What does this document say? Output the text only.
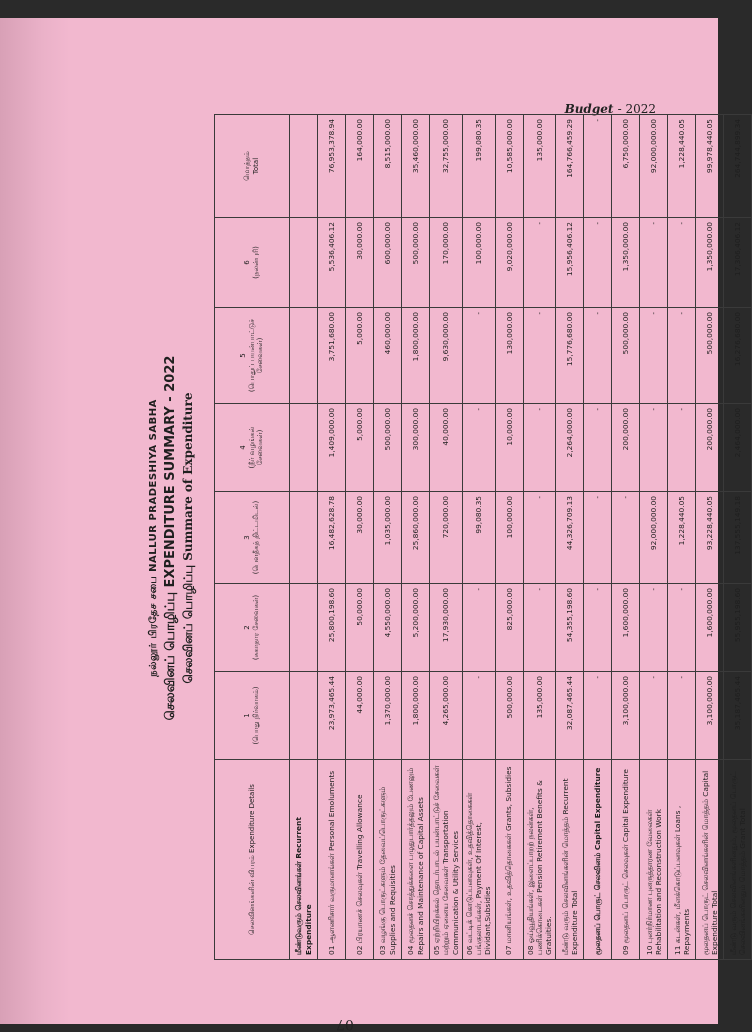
Budget - 2022
07
நல்லூர் பிரதேச சபை NALLUR PRADESHIYA SABHA செலவினப் பொழிப்பு EXPENDITURE SUMMARY - 2022 செலவினப் பொழிப்பு Summare of Expenditure
செலவினங்களின் விபரம் Expenditure Details	1 (பொது நிர்வாகம்)	2 (சுகாதார சேவைகள்)	3 (பௌதீகத் திட்டமிடல்)	4 (நீர் வழங்கல் சேவைகள்)	5 (பொதுப் பயன்பாட்டுச் சேவைகள்)	6 (நலன்புரி)	மொத்தம் Total

மீண்டுவரும் செலவினங்கள் Recurrent Expenditure							
01 ஆளணிசார் வருமானங்கள் Personal Emoluments	23,973,465.44	25,800,198.60	16,482,628.78	1,409,000.00	3,751,680.00	5,536,406.12	76,953,378.94
02 பிரயாணச் செலவுகள் Travelling Allowance	44,000.00	50,000.00	30,000.00	5,000.00	5,000.00	30,000.00	164,000.00
03 வழங்கு பொருட்களும் தேவைப்பொருட்களும் Supplies and Requisities	1,370,000.00	4,550,000.00	1,035,000.00	500,000.00	460,000.00	600,000.00	8,515,000.00
04 மூலதனச் சொத்துக்களை பழுதுபார்த்தலும் பேணலும் Repairs and Maintenance of Capital Assets	1,800,000.00	5,200,000.00	25,860,000.00	300,000.00	1,800,000.00	500,000.00	35,460,000.00
05 ஏற்றியிறக்கல் தொடர்பாடல் பயன்பாட்டுச் சேவைகள் மற்றும் ஏனைய சேவைகள் Transportation Communication & Utility Services	4,265,000.00	17,930,000.00	720,000.00	40,000.00	9,630,000.00	170,000.00	32,755,000.00
06 வட்டிக் கொடுப்பனவுகள், உதவித்தொகைகள் பங்குலாபங்கள், Payment Of Interest, Dividant,Subsidies	-	-	99,080.35	-	-	100,000.00	199,080.35
07 மானியங்கள், உதவித்தொகைகள் Grants, Subsidies	500,000.00	825,000.00	100,000.00	10,000.00	130,000.00	9,020,000.00	10,585,000.00
08 ஓய்வூதியங்கள், இளைப்பாறற் நலன்கள், பணிக்கொடைகள் Pension Retirement Benefits & Gratuities.	135,000.00	-	-	-	-	-	135,000.00
மீண்டு வரும் செலவினங்களின் மொத்தம் Recurrent Expenditure Total	32,087,465.44	54,355,198.60	44,326,709.13	2,264,000.00	15,776,680.00	15,956,406.12	164,766,459.29
மூலதனப் பொருட் செலவினம் Capital Expenditure	-	-	-	-	-	-	-
09 மூலதனப் பொருட் செலவுகள் Capital Expenditure	3,100,000.00	1,600,000.00	-	200,000.00	500,000.00	1,350,000.00	6,750,000.00
10 புனர்நிர்மாண புனருத்தாரண வேலைகள் Rehabilitation and Reconstruction Work	-	-	92,000,000.00	-	-	-	92,000,000.00
11 கடன்கள், மீளக்கொடுப்பனவுகள் Loans , Repayments	-	-	1,228,440.05	-	-	-	1,228,440.05
மூலதனப் பொருட் செலவினங்களின் மொத்தம் Capital Expenditure Total	3,100,000.00	1,600,000.00	93,228,440.05	200,000.00	500,000.00	1,350,000.00	99,978,440.05
மீண்டு வரும் செலவினங்களினதும், மூலதனப் பொருட் செலவினங்களினதும் மொத்தம் Grant Total	35,187,465.44	55,955,198.60	137,555,149.18	2,464,000.00	16,276,680.00	17,306,406.12	264,744,899.34
